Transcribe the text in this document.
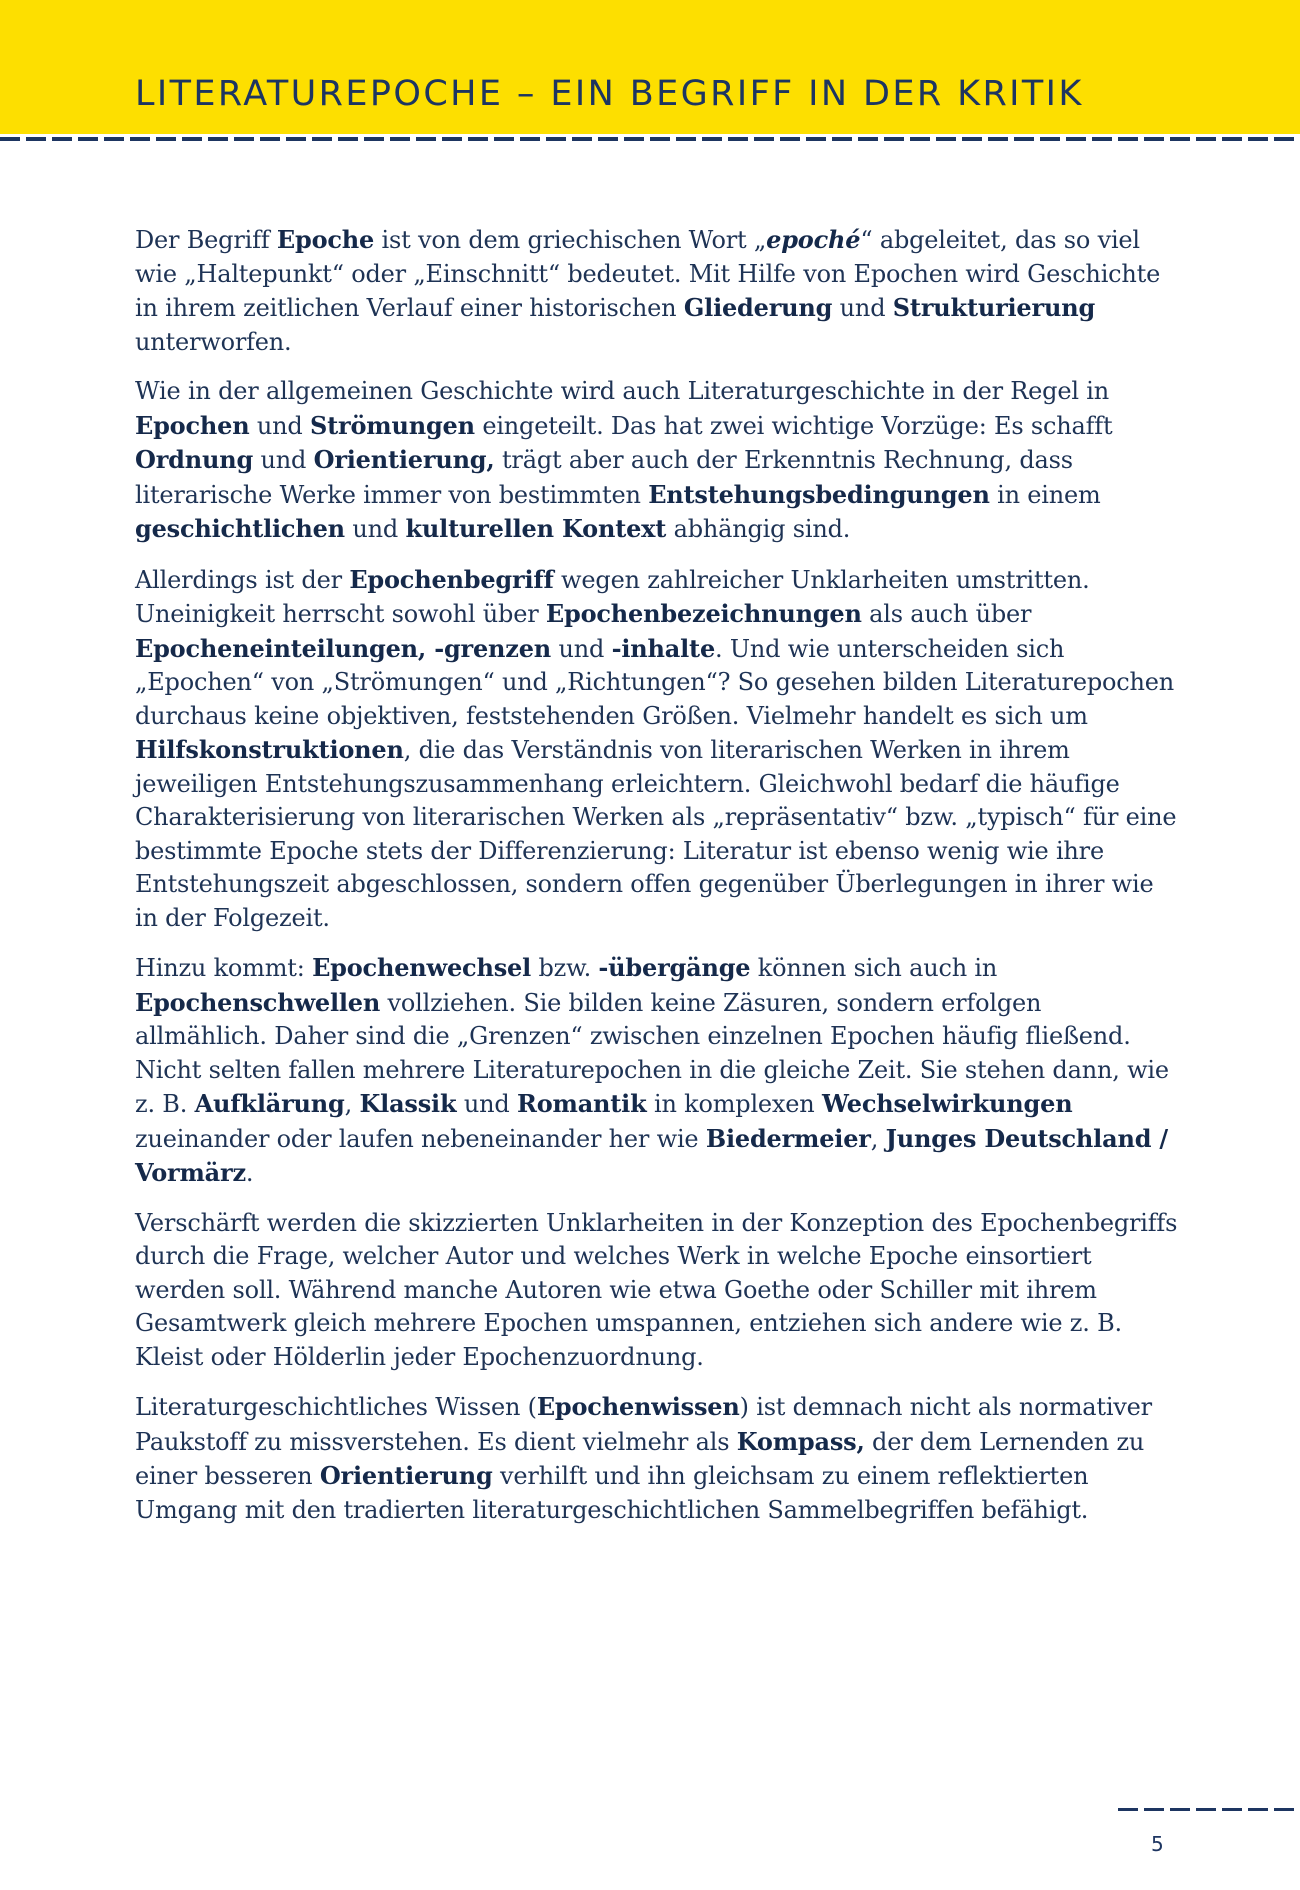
LITERATUREPOCHE – EIN BEGRIFF IN DER KRITIK

Der Begriff Epoche ist von dem griechischen Wort „epoché“ abgeleitet, das so viel wie „Haltepunkt“ oder „Einschnitt“ bedeutet. Mit Hilfe von Epochen wird Geschichte in ihrem zeitlichen Verlauf einer historischen Gliederung und Strukturierung unterworfen.

Wie in der allgemeinen Geschichte wird auch Literaturgeschichte in der Regel in Epochen und Strömungen eingeteilt. Das hat zwei wichtige Vorzüge: Es schafft Ordnung und Orientierung, trägt aber auch der Erkenntnis Rechnung, dass literarische Werke immer von bestimmten Entstehungsbedingungen in einem geschichtlichen und kulturellen Kontext abhängig sind.

Allerdings ist der Epochenbegriff wegen zahlreicher Unklarheiten umstritten. Uneinigkeit herrscht sowohl über Epochenbezeichnungen als auch über Epocheneinteilungen, -grenzen und -inhalte. Und wie unterscheiden sich „Epochen“ von „Strömungen“ und „Richtungen“? So gesehen bilden Literaturepochen durchaus keine objektiven, feststehenden Größen. Vielmehr handelt es sich um Hilfskonstruktionen, die das Verständnis von literarischen Werken in ihrem jeweiligen Entstehungszusammenhang erleichtern. Gleichwohl bedarf die häufige Charakterisierung von literarischen Werken als „repräsentativ“ bzw. „typisch“ für eine bestimmte Epoche stets der Differenzierung: Literatur ist ebenso wenig wie ihre Entstehungszeit abgeschlossen, sondern offen gegenüber Überlegungen in ihrer wie in der Folgezeit.

Hinzu kommt: Epochenwechsel bzw. -übergänge können sich auch in Epochenschwellen vollziehen. Sie bilden keine Zäsuren, sondern erfolgen allmählich. Daher sind die „Grenzen“ zwischen einzelnen Epochen häufig fließend. Nicht selten fallen mehrere Literaturepochen in die gleiche Zeit. Sie stehen dann, wie z. B. Aufklärung, Klassik und Romantik in komplexen Wechselwirkungen zueinander oder laufen nebeneinander her wie Biedermeier, Junges Deutschland / Vormärz.

Verschärft werden die skizzierten Unklarheiten in der Konzeption des Epochenbegriffs durch die Frage, welcher Autor und welches Werk in welche Epoche einsortiert werden soll. Während manche Autoren wie etwa Goethe oder Schiller mit ihrem Gesamtwerk gleich mehrere Epochen umspannen, entziehen sich andere wie z. B. Kleist oder Hölderlin jeder Epochenzuordnung.

Literaturgeschichtliches Wissen (Epochenwissen) ist demnach nicht als normativer Paukstoff zu missverstehen. Es dient vielmehr als Kompass, der dem Lernenden zu einer besseren Orientierung verhilft und ihn gleichsam zu einem reflektierten Umgang mit den tradierten literaturgeschichtlichen Sammelbegriffen befähigt.

5
